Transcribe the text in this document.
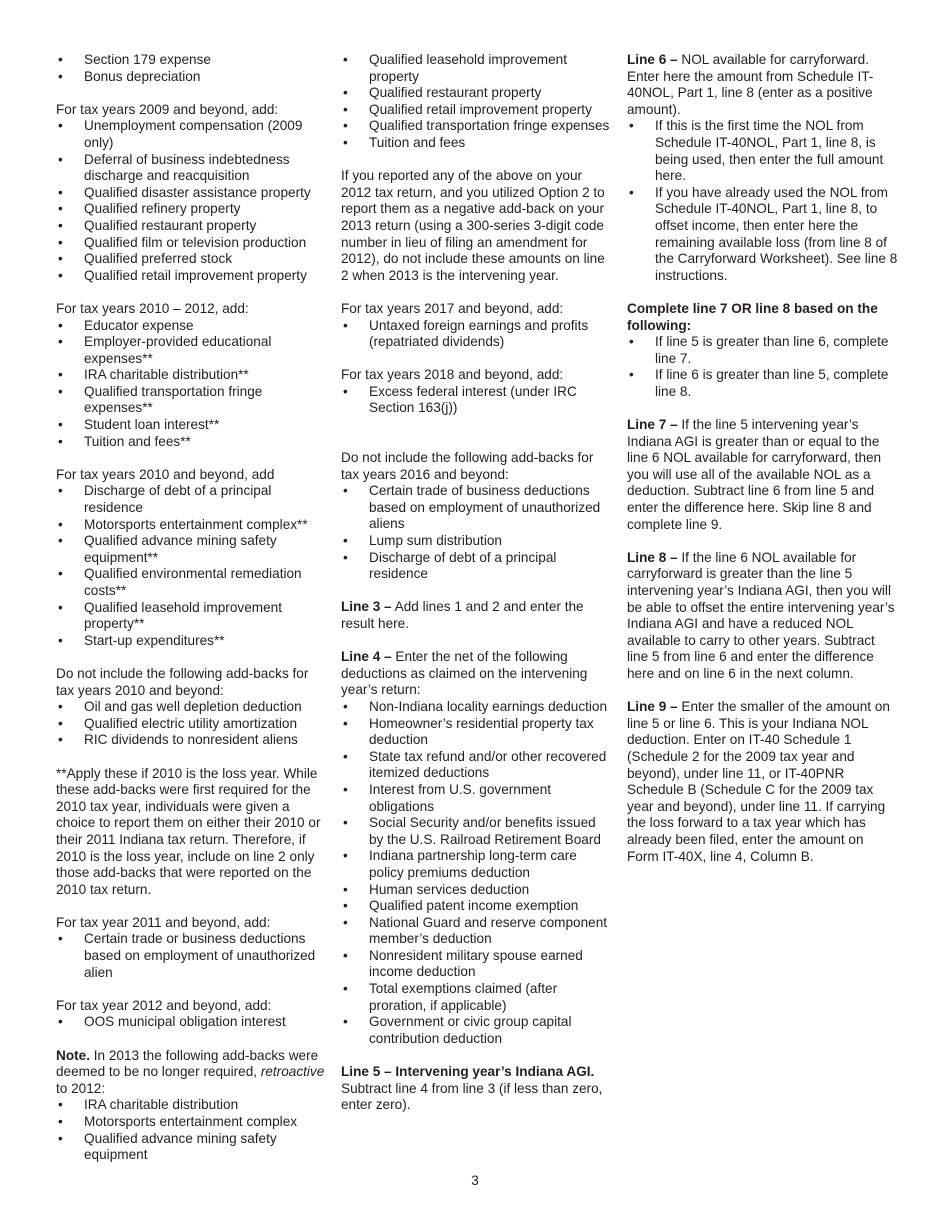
• Section 179 expense
• Bonus depreciation

For tax years 2009 and beyond, add:

• Unemployment compensation (2009 only)
• Deferral of business indebtedness discharge and reacquisition
• Qualified disaster assistance property
• Qualified refinery property
• Qualified restaurant property
• Qualified film or television production
• Qualified preferred stock
• Qualified retail improvement property

For tax years 2010 – 2012, add:

• Educator expense
• Employer-provided educational expenses**
• IRA charitable distribution**
• Qualified transportation fringe expenses**
• Student loan interest**
• Tuition and fees**

For tax years 2010 and beyond, add

• Discharge of debt of a principal residence
• Motorsports entertainment complex**
• Qualified advance mining safety equipment**
• Qualified environmental remediation costs**
• Qualified leasehold improvement property**
• Start-up expenditures**

Do not include the following add-backs for tax years 2010 and beyond:

• Oil and gas well depletion deduction
• Qualified electric utility amortization
• RIC dividends to nonresident aliens

**Apply these if 2010 is the loss year. While these add-backs were first required for the 2010 tax year, individuals were given a choice to report them on either their 2010 or their 2011 Indiana tax return. Therefore, if 2010 is the loss year, include on line 2 only those add-backs that were reported on the 2010 tax return.

For tax year 2011 and beyond, add:

• Certain trade or business deductions based on employment of unauthorized alien

For tax year 2012 and beyond, add:

• OOS municipal obligation interest

Note. In 2013 the following add-backs were deemed to be no longer required, retroactive to 2012:

• IRA charitable distribution
• Motorsports entertainment complex
• Qualified advance mining safety equipment
• Qualified leasehold improvement property
• Qualified restaurant property
• Qualified retail improvement property
• Qualified transportation fringe expenses
• Tuition and fees

If you reported any of the above on your 2012 tax return, and you utilized Option 2 to report them as a negative add-back on your 2013 return (using a 300-series 3-digit code number in lieu of filing an amendment for 2012), do not include these amounts on line 2 when 2013 is the intervening year.

For tax years 2017 and beyond, add:

• Untaxed foreign earnings and profits (repatriated dividends)

For tax years 2018 and beyond, add:

• Excess federal interest (under IRC Section 163(j))

Do not include the following add-backs for tax years 2016 and beyond:

• Certain trade of business deductions based on employment of unauthorized aliens
• Lump sum distribution
• Discharge of debt of a principal residence

Line 3 – Add lines 1 and 2 and enter the result here.

Line 4 – Enter the net of the following deductions as claimed on the intervening year’s return:

• Non-Indiana locality earnings deduction
• Homeowner’s residential property tax deduction
• State tax refund and/or other recovered itemized deductions
• Interest from U.S. government obligations
• Social Security and/or benefits issued by the U.S. Railroad Retirement Board
• Indiana partnership long-term care policy premiums deduction
• Human services deduction
• Qualified patent income exemption
• National Guard and reserve component member’s deduction
• Nonresident military spouse earned income deduction
• Total exemptions claimed (after proration, if applicable)
• Government or civic group capital contribution deduction

Line 5 – Intervening year’s Indiana AGI. Subtract line 4 from line 3 (if less than zero, enter zero).

Line 6 – NOL available for carryforward. Enter here the amount from Schedule IT-40NOL, Part 1, line 8 (enter as a positive amount).

• If this is the first time the NOL from Schedule IT-40NOL, Part 1, line 8, is being used, then enter the full amount here.
• If you have already used the NOL from Schedule IT-40NOL, Part 1, line 8, to offset income, then enter here the remaining available loss (from line 8 of the Carryforward Worksheet). See line 8 instructions.

Complete line 7 OR line 8 based on the following:

• If line 5 is greater than line 6, complete line 7.
• If line 6 is greater than line 5, complete line 8.

Line 7 – If the line 5 intervening year’s Indiana AGI is greater than or equal to the line 6 NOL available for carryforward, then you will use all of the available NOL as a deduction. Subtract line 6 from line 5 and enter the difference here. Skip line 8 and complete line 9.

Line 8 – If the line 6 NOL available for carryforward is greater than the line 5 intervening year’s Indiana AGI, then you will be able to offset the entire intervening year’s Indiana AGI and have a reduced NOL available to carry to other years. Subtract line 5 from line 6 and enter the difference here and on line 6 in the next column.

Line 9 – Enter the smaller of the amount on line 5 or line 6. This is your Indiana NOL deduction. Enter on IT-40 Schedule 1 (Schedule 2 for the 2009 tax year and beyond), under line 11, or IT-40PNR Schedule B (Schedule C for the 2009 tax year and beyond), under line 11. If carrying the loss forward to a tax year which has already been filed, enter the amount on Form IT-40X, line 4, Column B.

3
